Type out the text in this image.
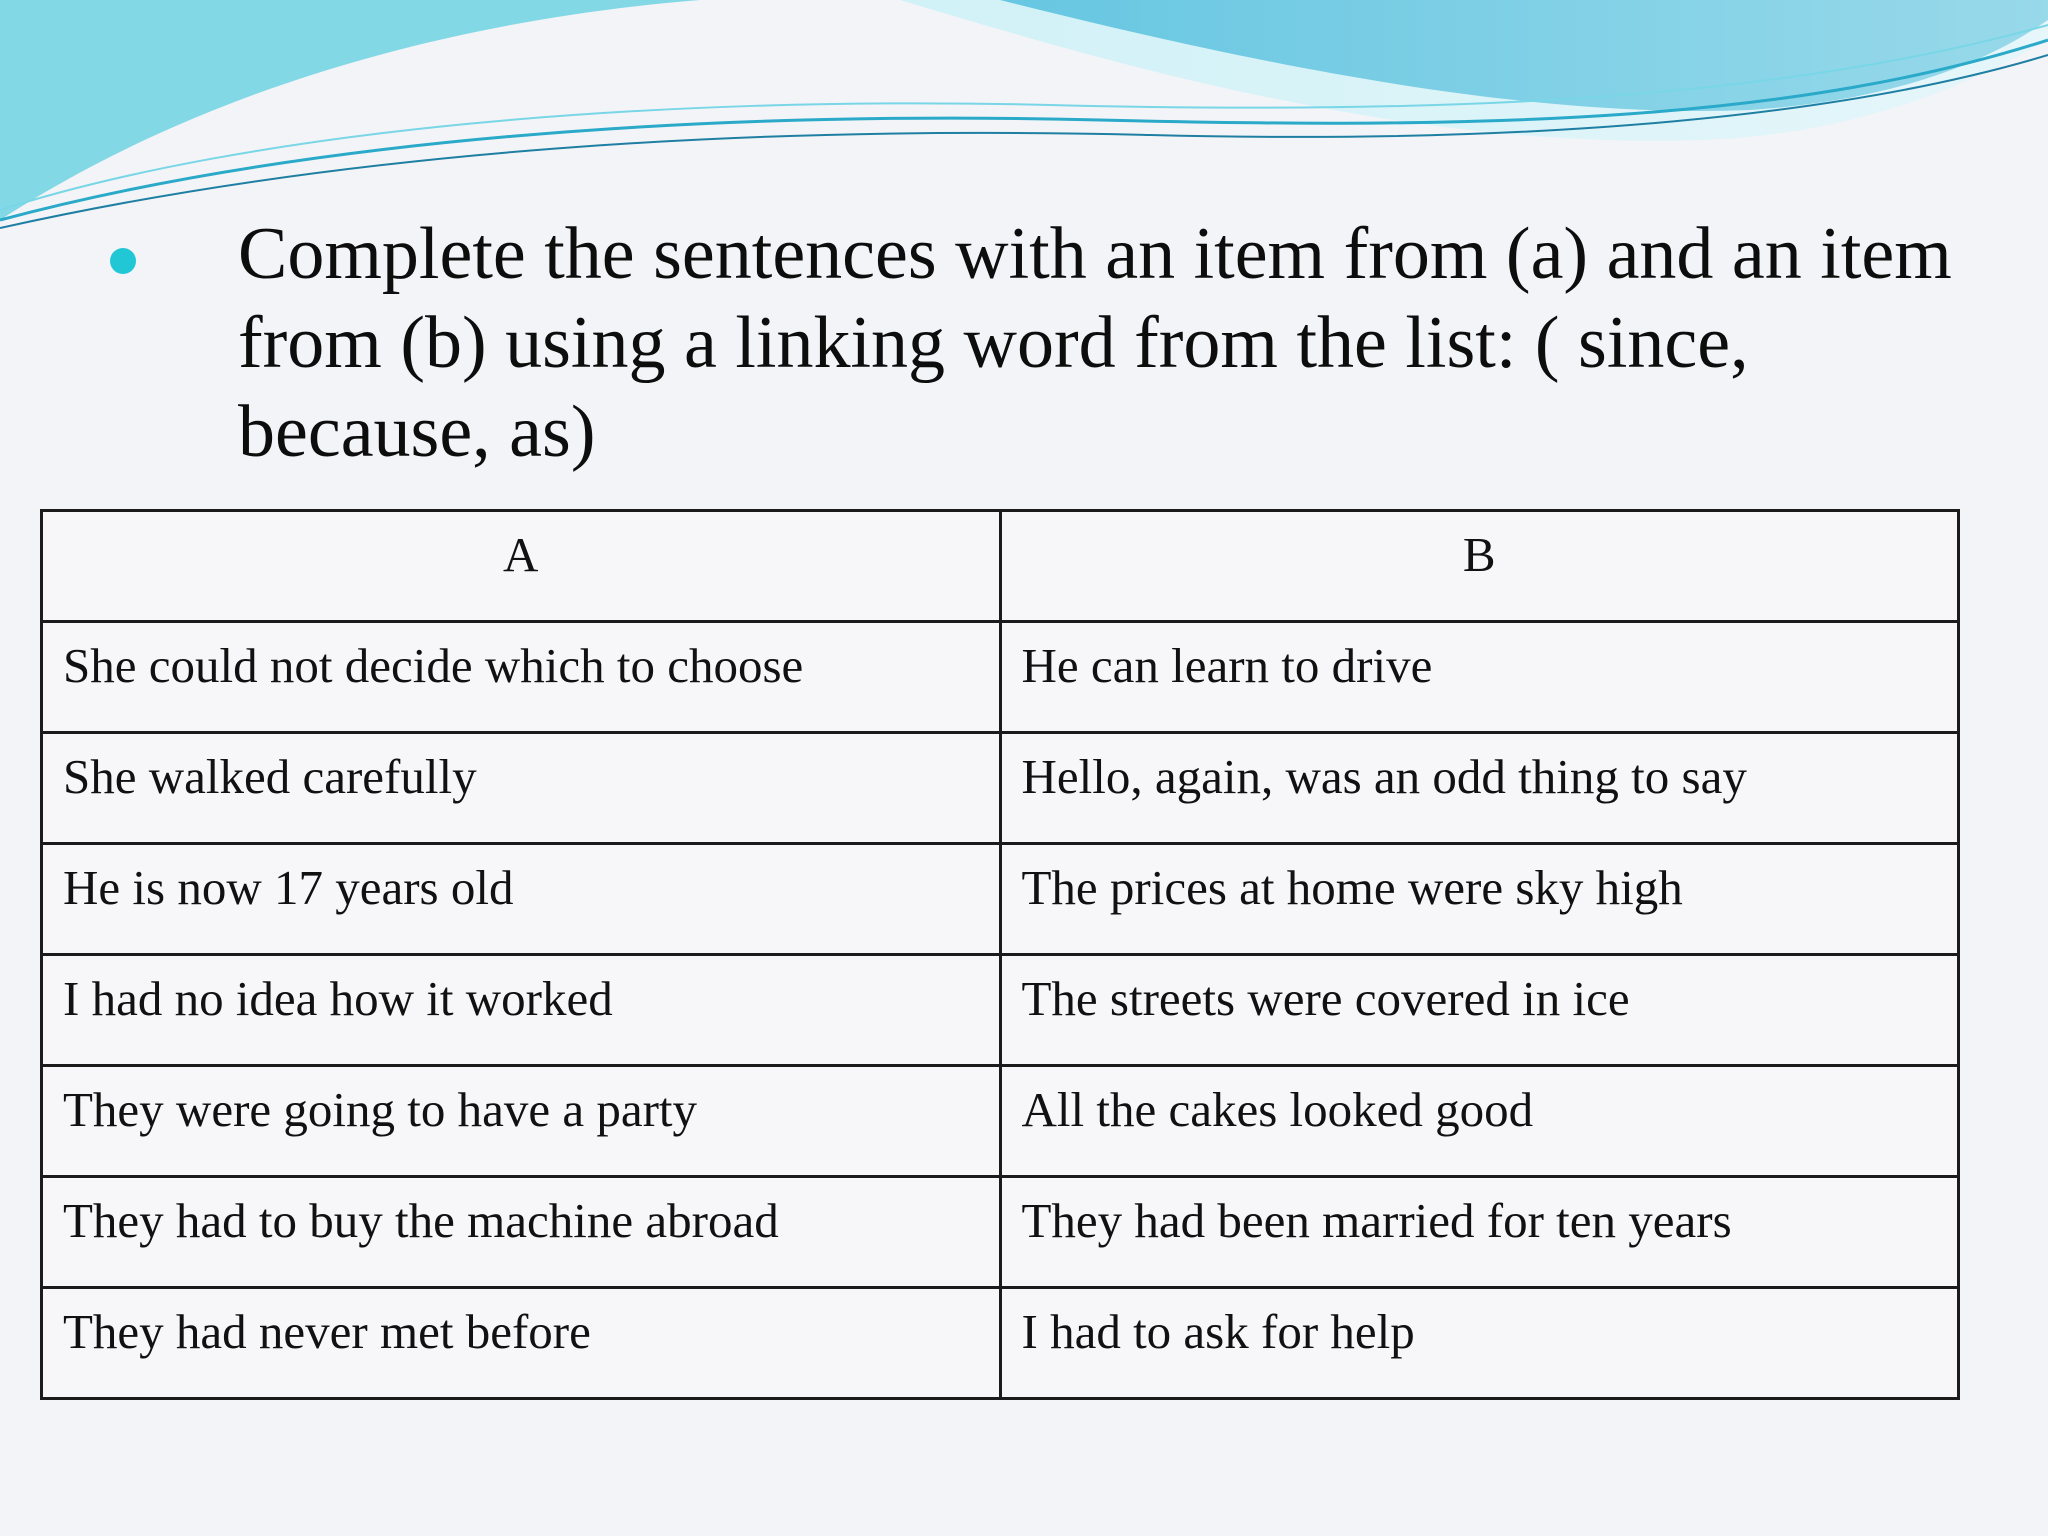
Complete the sentences with an item from (a) and an item from (b) using a linking word from the list: ( since, because, as)
A	B
She could not decide which to choose	He can learn to drive
She walked carefully	Hello, again, was an odd thing to say
He is now 17 years old	The prices at home were sky high
I had no idea how it worked	The streets were covered in ice
They were going to have a party	All the cakes looked good
They had to buy the machine abroad	They had been married for ten years
They had never met before	I had to ask for help
